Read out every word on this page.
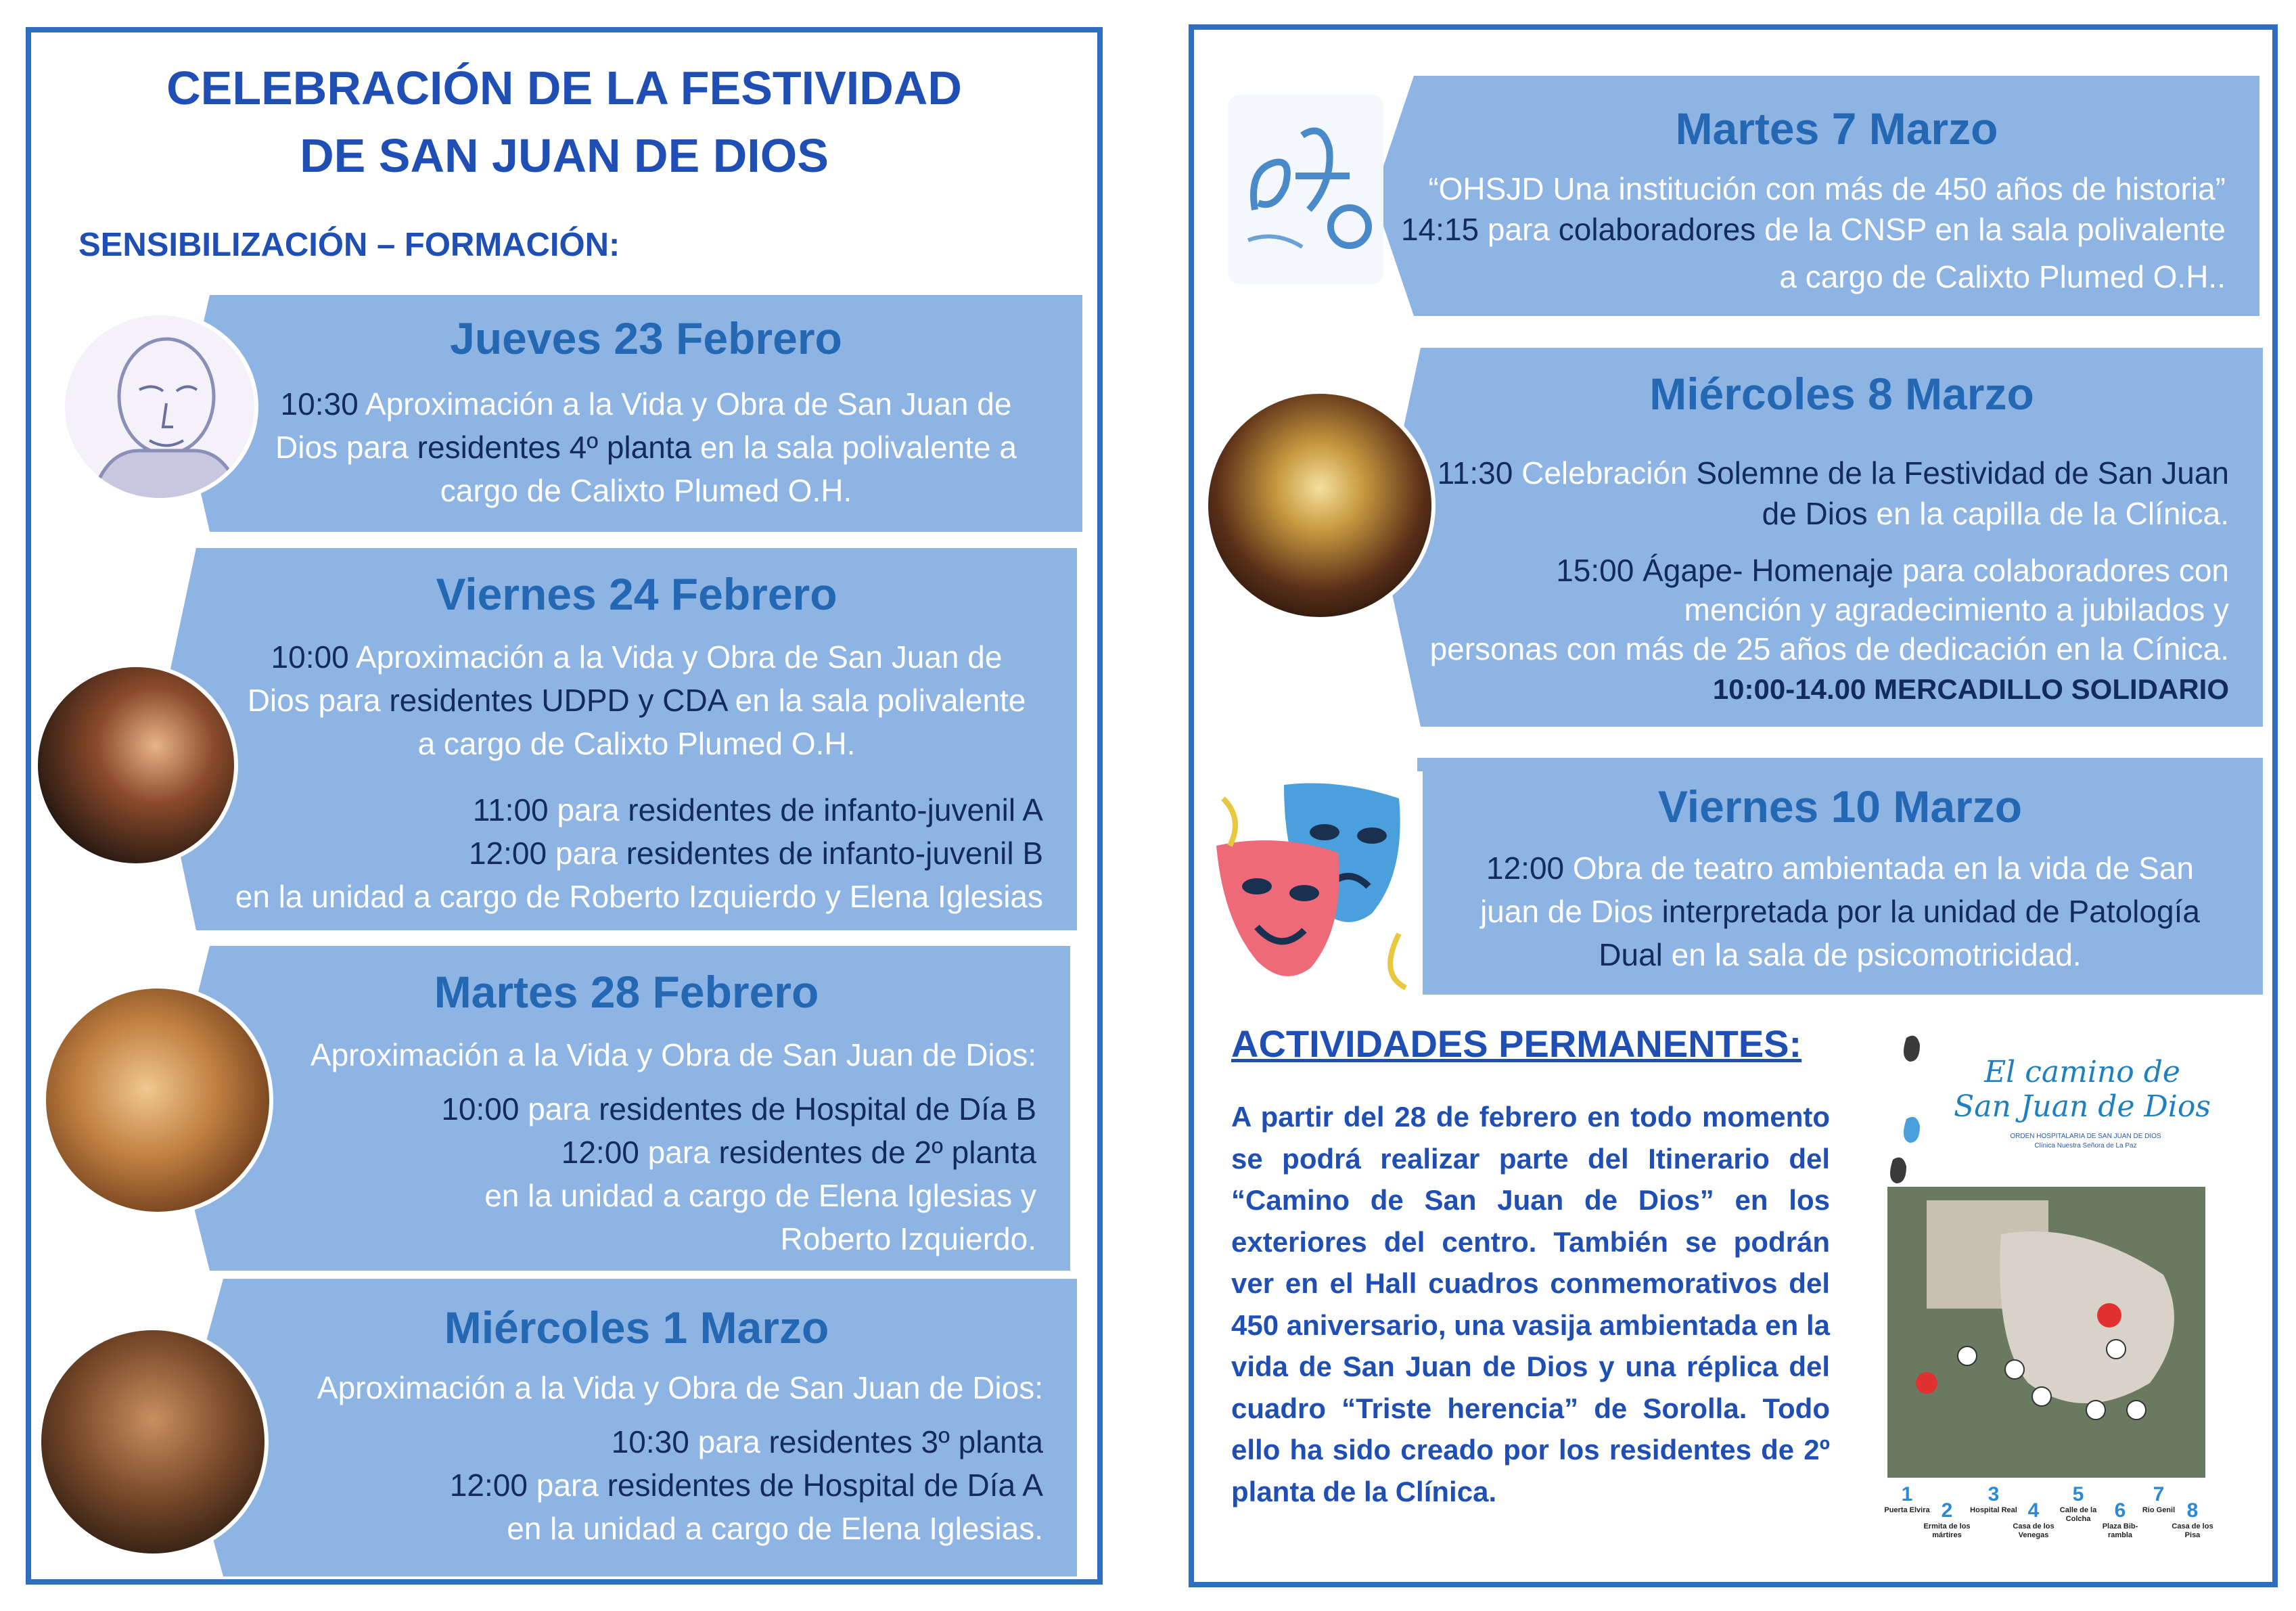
CELEBRACIÓN DE LA FESTIVIDAD
DE SAN JUAN DE DIOS
SENSIBILIZACIÓN – FORMACIÓN:
Jueves 23 Febrero
10:30 Aproximación a la Vida y Obra de San Juan de
Dios para residentes 4º planta en la sala polivalente a
cargo de Calixto Plumed O.H.
Viernes 24 Febrero
10:00 Aproximación a la Vida y Obra de San Juan de
Dios para residentes UDPD y CDA en la sala polivalente
a cargo de Calixto Plumed O.H.
11:00 para residentes de infanto-juvenil A
12:00 para residentes de infanto-juvenil B
en la unidad a cargo de Roberto Izquierdo y Elena Iglesias
Martes 28 Febrero
Aproximación a la Vida y Obra de San Juan de Dios:
10:00 para residentes de Hospital de Día B
12:00 para residentes de 2º planta
en la unidad a cargo de Elena Iglesias y
Roberto Izquierdo.
Miércoles 1 Marzo
Aproximación a la Vida y Obra de San Juan de Dios:
10:30 para residentes 3º planta
12:00 para residentes de Hospital de Día A
en la unidad a cargo de Elena Iglesias.
Martes 7 Marzo
“OHSJD Una institución con más de 450 años de historia”
14:15 para colaboradores de la CNSP en la sala polivalente
a cargo de Calixto Plumed O.H..
Miércoles 8 Marzo
11:30 Celebración Solemne de la Festividad de San Juan
de Dios en la capilla de la Clínica.
15:00 Ágape- Homenaje para colaboradores con
mención y agradecimiento a jubilados y
personas con más de 25 años de dedicación en la Cínica.
10:00-14.00 MERCADILLO SOLIDARIO
Viernes 10 Marzo
12:00 Obra de teatro ambientada en la vida de San
juan de Dios interpretada por la unidad de Patología
Dual en la sala de psicomotricidad.
ACTIVIDADES PERMANENTES:
A partir del 28 de febrero en todo momento se podrá realizar parte del Itinerario del “Camino de San Juan de Dios” en los exteriores del centro. También se podrán ver en el Hall cuadros conmemorativos del 450 aniversario, una vasija ambientada en la vida de San Juan de Dios y una réplica del cuadro “Triste herencia” de Sorolla. Todo ello ha sido creado por los residentes de 2º planta de la Clínica.
El camino de
San Juan de Dios
ORDEN HOSPITALARIA DE SAN JUAN DE DIOS
Clínica Nuestra Señora de La Paz
1
Puerta Elvira 2
Ermita de los mártires
3
Hospital Real 4
Casa de los Venegas
5
Calle de la Colcha	6
Plaza Bib-rambla
7
Rio Genil 8
Casa de los Pisa
